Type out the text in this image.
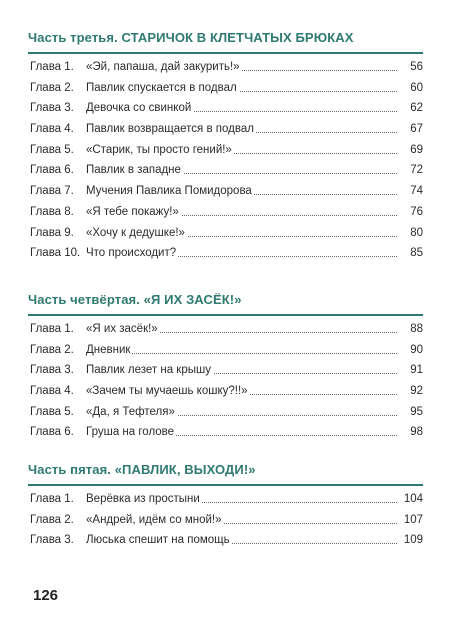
Часть третья. СТАРИЧОК В КЛЕТЧАТЫХ БРЮКАХ
Глава 1. «Эй, папаша, дай закурить!»	56
Глава 2. Павлик спускается в подвал	60
Глава 3. Девочка со свинкой	62
Глава 4. Павлик возвращается в подвал	67
Глава 5. «Старик, ты просто гений!»	69
Глава 6. Павлик в западне	72
Глава 7. Мучения Павлика Помидорова	74
Глава 8. «Я тебе покажу!»	76
Глава 9. «Хочу к дедушке!»	80
Глава 10. Что происходит?	85
Часть четвёртая. «Я ИХ ЗАСЁК!»
Глава 1. «Я их засёк!»	88
Глава 2. Дневник	90
Глава 3. Павлик лезет на крышу	91
Глава 4. «Зачем ты мучаешь кошку?!!»	92
Глава 5. «Да, я Тефтеля»	95
Глава 6. Груша на голове	98
Часть пятая. «ПАВЛИК, ВЫХОДИ!»
Глава 1. Верёвка из простыни	104
Глава 2. «Андрей, идём со мной!»	107
Глава 3. Люська спешит на помощь	109
126
